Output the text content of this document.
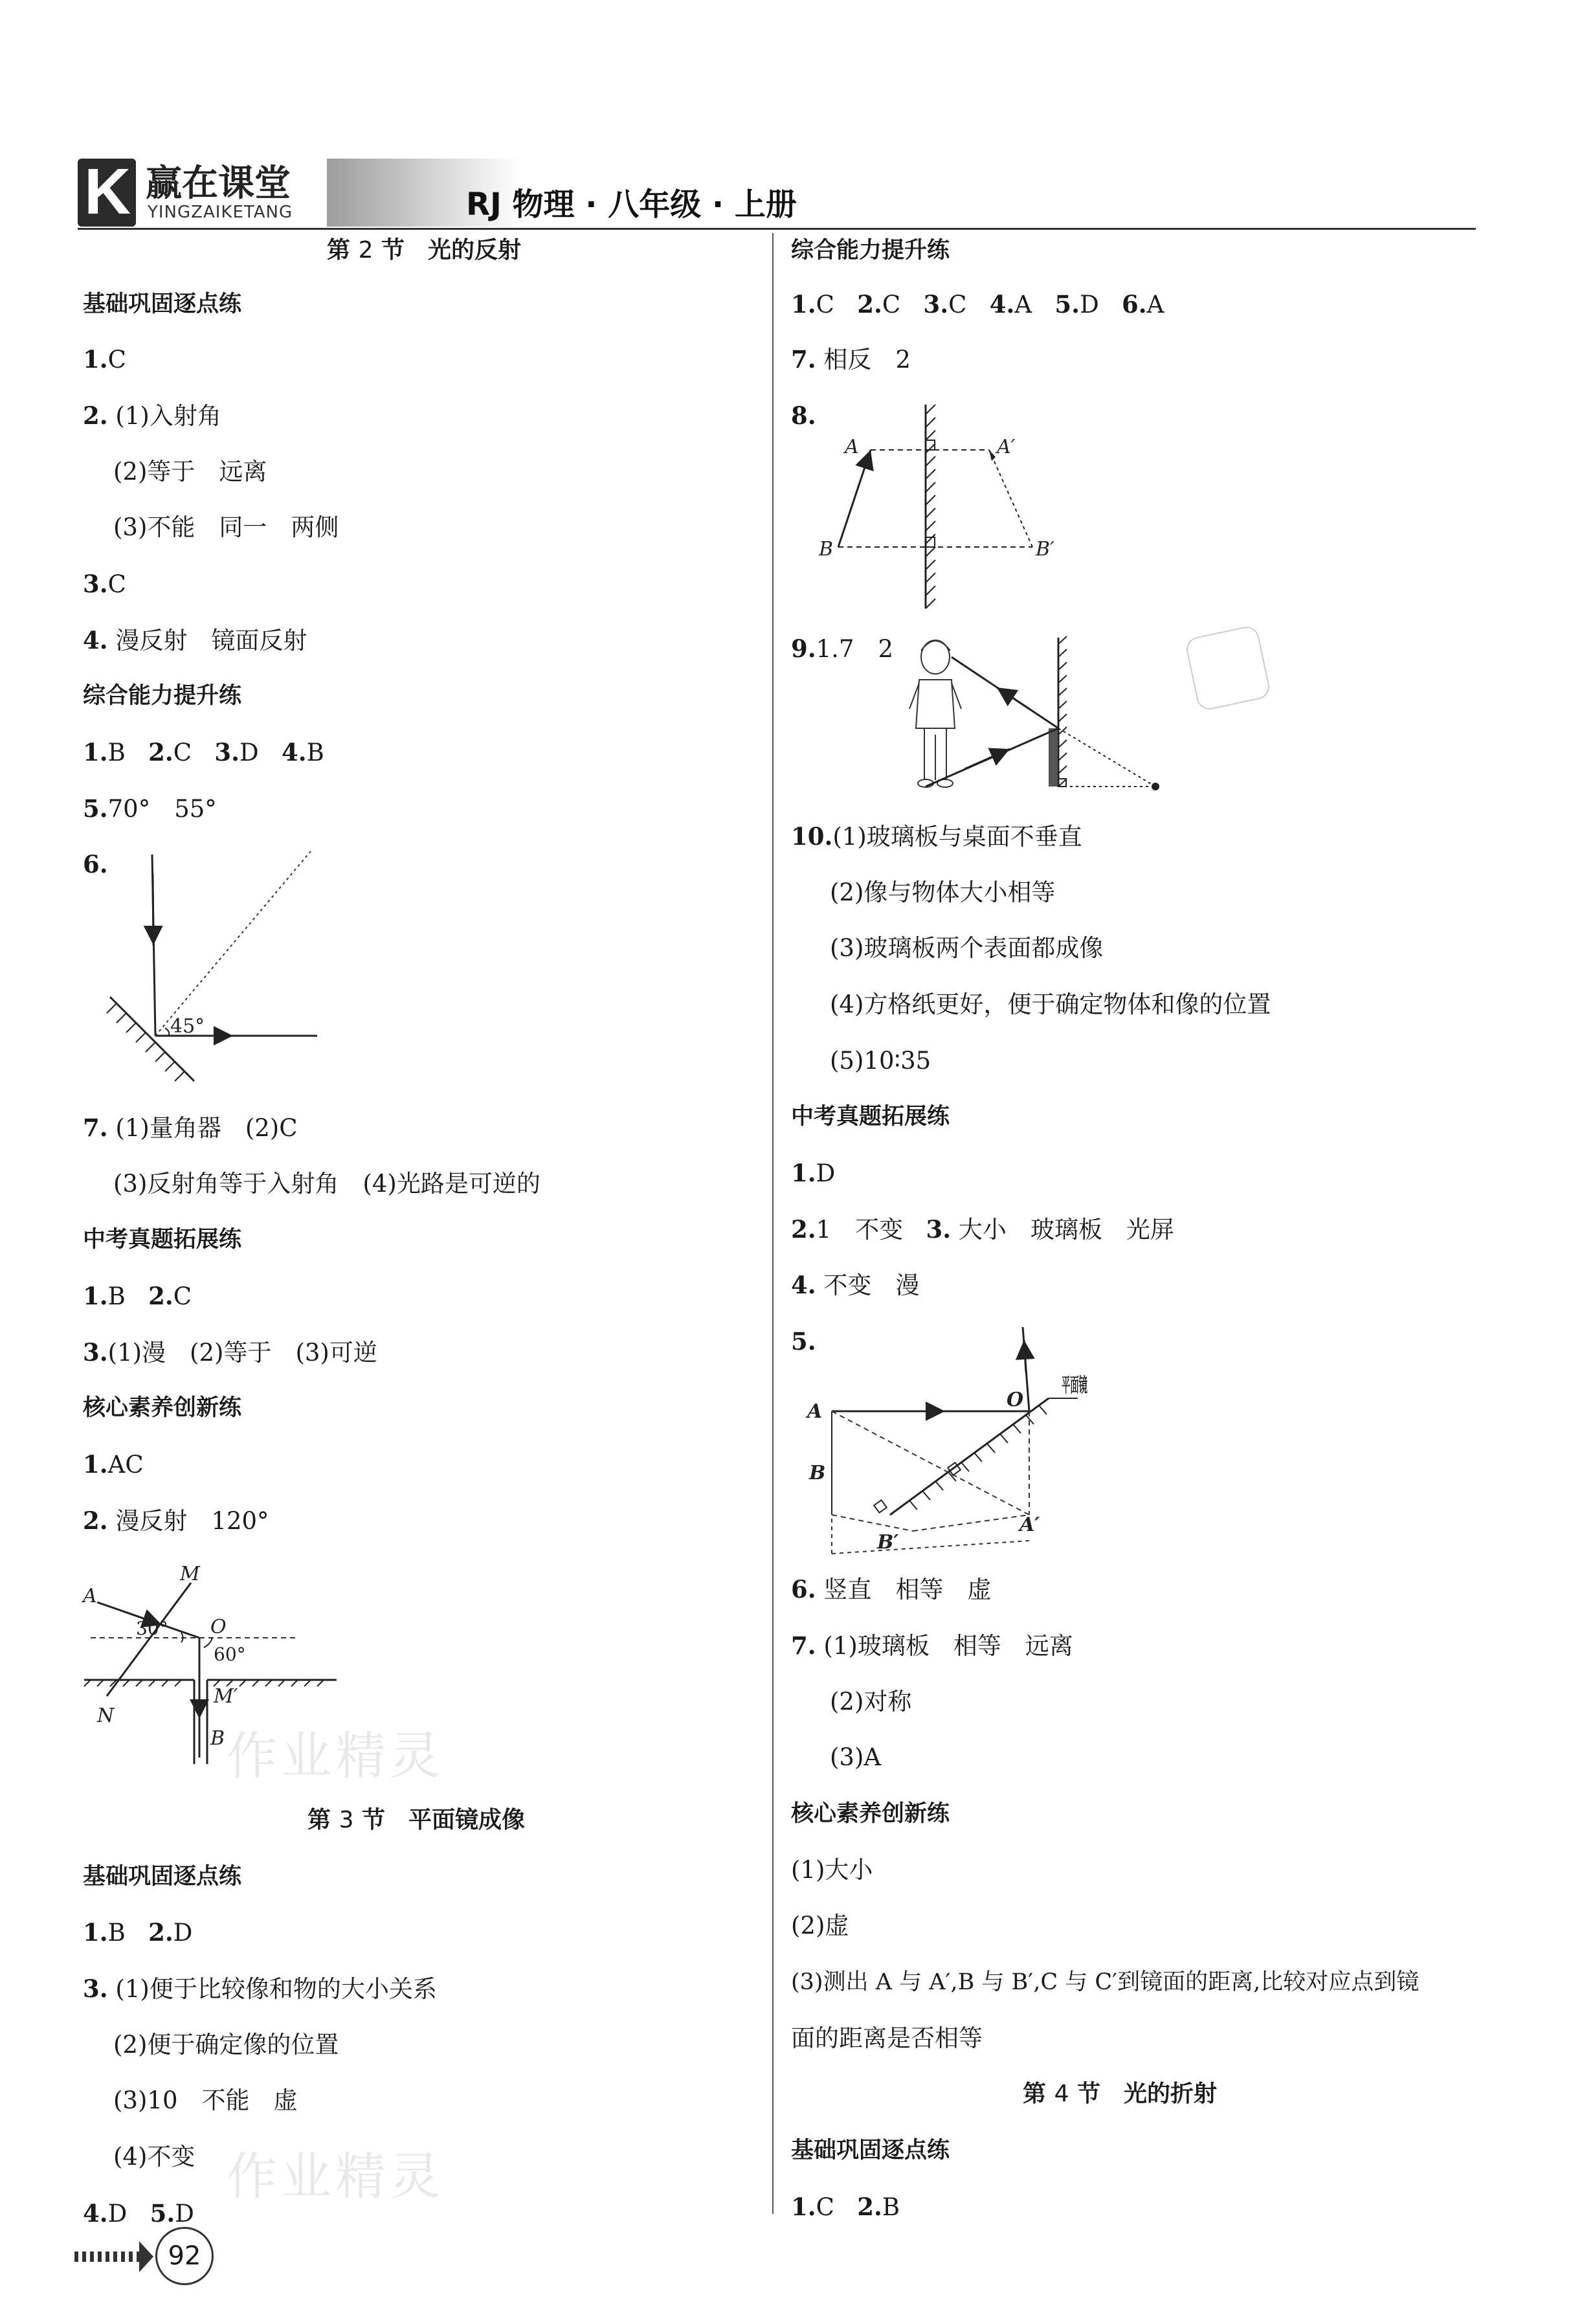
K 赢在课堂
YINGZAIKETANG	RJ 物理 · 八年级 · 上册
作业精灵
作业精灵
第 2 节　光的反射
基础巩固逐点练
1.C
2. (1)入射角
(2)等于　远离
(3)不能　同一　两侧
3.C
4. 漫反射　镜面反射
综合能力提升练
1.B 2.C 3.D 4.B
5.70°　55°
6.
45°
7. (1)量角器　(2)C
(3)反射角等于入射角　(4)光路是可逆的
中考真题拓展练
1.B 2.C
3.(1)漫　(2)等于　(3)可逆
核心素养创新练
1.AC
2. 漫反射　120°
A
M
O
30°
60°
M′
N
B
第 3 节　平面镜成像
基础巩固逐点练
1.B 2.D
3. (1)便于比较像和物的大小关系
(2)便于确定像的位置
(3)10　不能　虚
(4)不变
4.D 5.D
综合能力提升练
1.C 2.C 3.C 4.A 5.D 6.A
7. 相反　2
8.
A	A′
B	B′
9.1.7　2
10.(1)玻璃板与桌面不垂直
(2)像与物体大小相等
(3)玻璃板两个表面都成像
(4)方格纸更好，便于确定物体和像的位置
(5)10∶35
中考真题拓展练
1.D
2.1　不变 3. 大小　玻璃板　光屏
4. 不变　漫
5.
A
O
平面镜
B
B′
A′
6. 竖直　相等　虚
7. (1)玻璃板　相等　远离
(2)对称
(3)A
核心素养创新练
(1)大小
(2)虚
(3)测出 A 与 A′,B 与 B′,C 与 C′到镜面的距离,比较对应点到镜
面的距离是否相等
第 4 节　光的折射
基础巩固逐点练
1.C 2.B
92
